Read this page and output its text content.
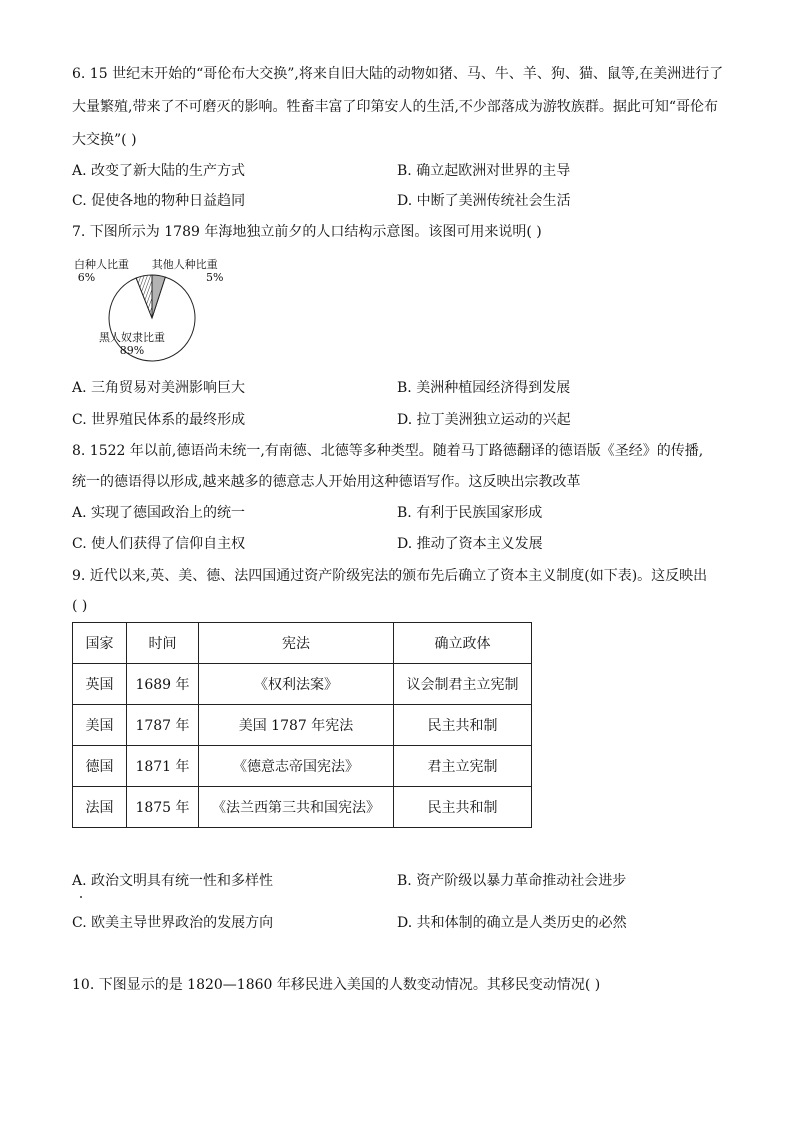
6. 15 世纪末开始的“哥伦布大交换”,将来自旧大陆的动物如猪、马、牛、羊、狗、猫、鼠等,在美洲进行了
大量繁殖,带来了不可磨灭的影响。牲畜丰富了印第安人的生活,不少部落成为游牧族群。据此可知“哥伦布
大交换”( )
A. 改变了新大陆的生产方式	B. 确立起欧洲对世界的主导
C. 促使各地的物种日益趋同	D. 中断了美洲传统社会生活
7. 下图所示为 1789 年海地独立前夕的人口结构示意图。该图可用来说明( )
白种人比重
6%
其他人种比重
5%
黑人奴隶比重
89%
A. 三角贸易对美洲影响巨大	B. 美洲种植园经济得到发展
C. 世界殖民体系的最终形成	D. 拉丁美洲独立运动的兴起
8. 1522 年以前,德语尚未统一,有南德、北德等多种类型。随着马丁路德翻译的德语版《圣经》的传播,
统一的德语得以形成,越来越多的德意志人开始用这种德语写作。这反映出宗教改革
A. 实现了德国政治上的统一	B. 有利于民族国家形成
C. 使人们获得了信仰自主权	D. 推动了资本主义发展
9. 近代以来,英、美、德、法四国通过资产阶级宪法的颁布先后确立了资本主义制度(如下表)。这反映出
( )
国家	时间	宪法	确立政体
英国	1689 年	《权利法案》	议会制君主立宪制
美国	1787 年	美国 1787 年宪法	民主共和制
德国	1871 年	《德意志帝国宪法》	君主立宪制
法国	1875 年	《法兰西第三共和国宪法》	民主共和制
A. 政治文明具有统一性和多样性	B. 资产阶级以暴力革命推动社会进步
C. 欧美主导世界政治的发展方向	D. 共和体制的确立是人类历史的必然
10. 下图显示的是 1820—1860 年移民进入美国的人数变动情况。其移民变动情况( )
